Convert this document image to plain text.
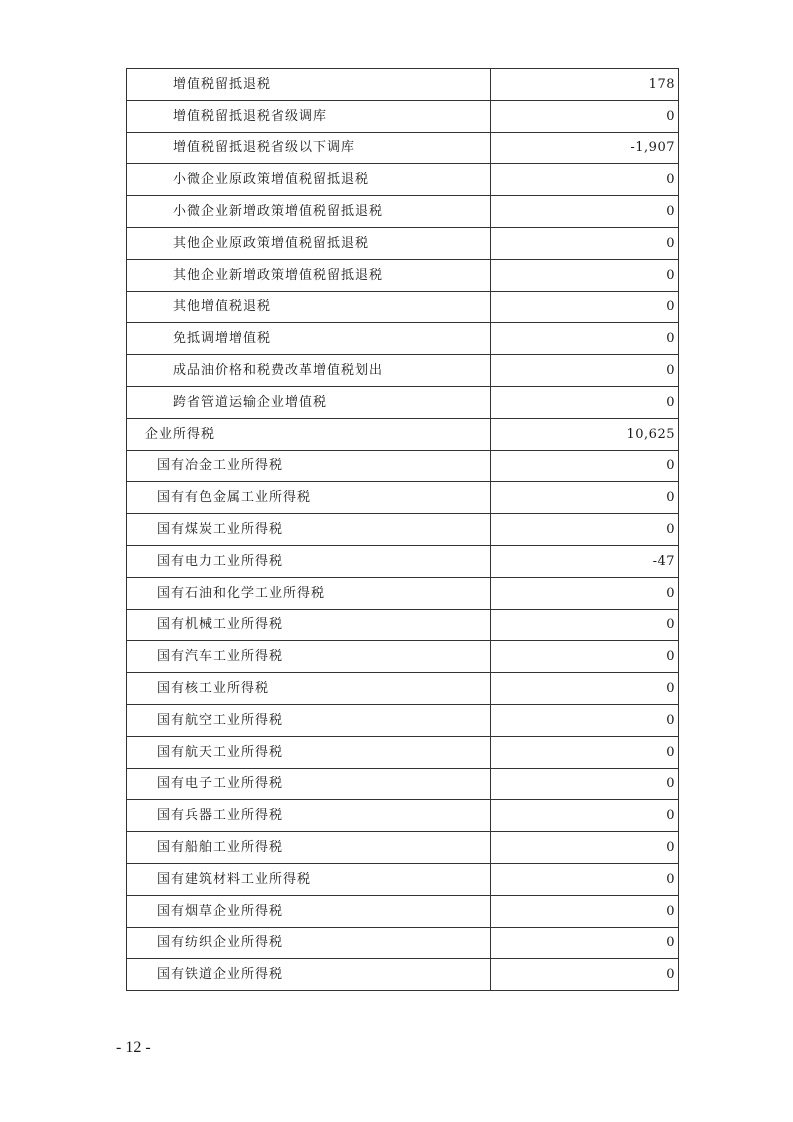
增值税留抵退税	178
增值税留抵退税省级调库	0
增值税留抵退税省级以下调库	-1,907
小微企业原政策增值税留抵退税	0
小微企业新增政策增值税留抵退税	0
其他企业原政策增值税留抵退税	0
其他企业新增政策增值税留抵退税	0
其他增值税退税	0
免抵调增增值税	0
成品油价格和税费改革增值税划出	0
跨省管道运输企业增值税	0
企业所得税	10,625
国有冶金工业所得税	0
国有有色金属工业所得税	0
国有煤炭工业所得税	0
国有电力工业所得税	-47
国有石油和化学工业所得税	0
国有机械工业所得税	0
国有汽车工业所得税	0
国有核工业所得税	0
国有航空工业所得税	0
国有航天工业所得税	0
国有电子工业所得税	0
国有兵器工业所得税	0
国有船舶工业所得税	0
国有建筑材料工业所得税	0
国有烟草企业所得税	0
国有纺织企业所得税	0
国有铁道企业所得税	0
- 12 -
